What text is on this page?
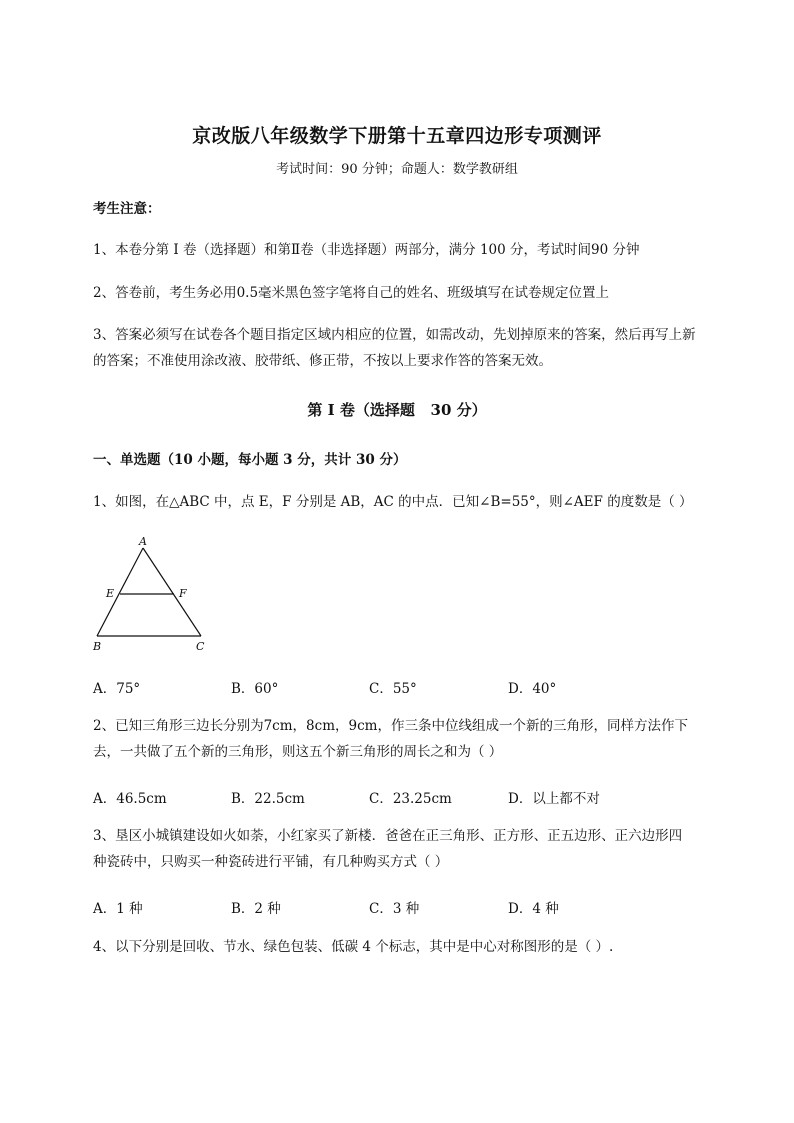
京改版八年级数学下册第十五章四边形专项测评
考试时间：90 分钟；命题人：数学教研组
考生注意：
1、本卷分第 I 卷（选择题）和第Ⅱ卷（非选择题）两部分，满分 100 分，考试时间90 分钟
2、答卷前，考生务必用0.5毫米黑色签字笔将自己的姓名、班级填写在试卷规定位置上
3、答案必须写在试卷各个题目指定区域内相应的位置，如需改动，先划掉原来的答案，然后再写上新
的答案；不准使用涂改液、胶带纸、修正带，不按以上要求作答的答案无效。
第 I 卷（选择题   30 分）
一、单选题（10 小题，每小题 3 分，共计 30 分）
1、如图，在△ABC 中，点 E，F 分别是 AB，AC 的中点．已知∠B=55°，则∠AEF 的度数是（ ）
A
E	F
B	C
A．75°	B．60°	C．55°	D．40°
2、已知三角形三边长分别为7cm，8cm，9cm，作三条中位线组成一个新的三角形，同样方法作下
去，一共做了五个新的三角形，则这五个新三角形的周长之和为（ ）
A．46.5cm	B．22.5cm	C．23.25cm	D．以上都不对
3、垦区小城镇建设如火如荼，小红家买了新楼．爸爸在正三角形、正方形、正五边形、正六边形四
种瓷砖中，只购买一种瓷砖进行平铺，有几种购买方式（ ）
A．1 种	B．2 种	C．3 种	D．4 种
4、以下分别是回收、节水、绿色包装、低碳 4 个标志，其中是中心对称图形的是（ ）.
